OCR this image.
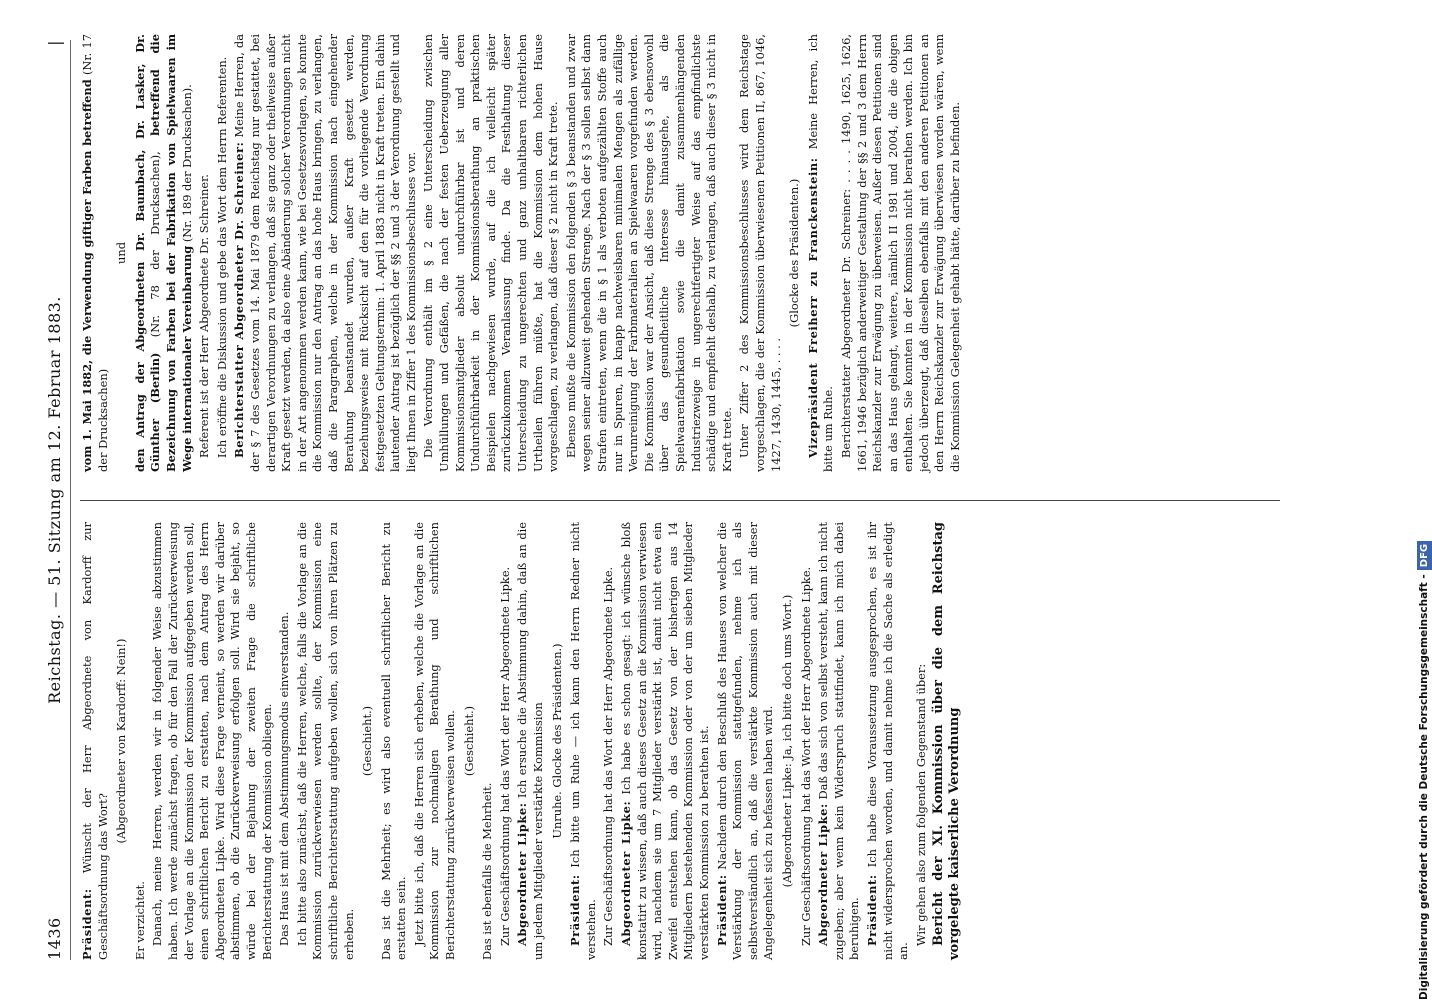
1436
Reichstag. — 51. Sitzung am 12. Februar 1883.
|

Präsident: Wünscht der Herr Abgeordnete von Kardorff zur Geschäftsordnung das Wort?

(Abgeordneter von Kardorff: Nein!)

Er verzichtet. Danach, meine Herren, werden wir in folgender Weise abzustimmen haben. Ich werde zunächst fragen, ob für den Fall der Zurückverweisung der Vorlage an die Kommission der Kommission aufgegeben werden soll, einen schriftlichen Bericht zu erstatten, nach dem Antrag des Herrn Abgeordneten Lipke. Wird diese Frage verneint, so werden wir darüber abstimmen, ob die Zurückverweisung erfolgen soll. Wird sie bejaht, so würde bei der Bejahung der zweiten Frage die schriftliche Berichterstattung der Kommission obliegen. Das Haus ist mit dem Abstimmungsmodus einverstanden. Ich bitte also zunächst, daß die Herren, welche, falls die Vorlage an die Kommission zurückverwiesen werden sollte, der Kommission eine schriftliche Berichterstattung aufgeben wollen, sich von ihren Plätzen zu erheben.

(Geschieht.) Das ist die Mehrheit; es wird also eventuell schriftlicher Bericht zu erstatten sein. Jetzt bitte ich, daß die Herren sich erheben, welche die Vorlage an die Kommission zur nochmaligen Berathung und schriftlichen Berichterstattung zurückverweisen wollen. (Geschieht.)

Das ist ebenfalls die Mehrheit. Zur Geschäftsordnung hat das Wort der Herr Abgeordnete Lipke. Abgeordneter Lipke: Ich ersuche die Abstimmung dahin, daß an die um jedem Mitglieder verstärkte Kommission Unruhe. Glocke des Präsidenten.)

Präsident: Ich bitte um Ruhe — ich kann den Herrn Redner nicht verstehen. Zur Geschäftsordnung hat das Wort der Herr Abgeordnete Lipke. Abgeordneter Lipke: Ich habe es schon gesagt: ich wünsche bloß konstatirt zu wissen, daß auch dieses Gesetz an die Kommission verwiesen wird, nachdem sie um 7 Mitglieder verstärkt ist, damit nicht etwa ein Zweifel entstehen kann, ob das Gesetz von der bisherigen aus 14 Mitgliedern bestehenden Kommission oder von der um sieben Mitglieder verstärkten Kommission zu berathen ist. Präsident: Nachdem durch den Beschluß des Hauses von welcher die Verstärkung der Kommission stattgefunden, nehme ich als selbstverständlich an, daß die verstärkte Kommission auch mit dieser Angelegenheit sich zu befassen haben wird. (Abgeordneter Lipke: Ja, ich bitte doch ums Wort.) Zur Geschäftsordnung hat das Wort der Herr Abgeordnete Lipke. Abgeordneter Lipke: Daß das sich von selbst versteht, kann ich nicht zugeben; aber wenn kein Widerspruch stattfindet, kann ich mich dabei beruhigen. Präsident: Ich habe diese Voraussetzung ausgesprochen, es ist ihr nicht widersprochen worden, und damit nehme ich die Sache als erledigt an.

Wir gehen also zum folgenden Gegenstand über: Bericht der XI. Kommission über die dem Reichstag vorgelegte kaiserliche Verordnung

vom 1. Mai 1882, die Verwendung giftiger Farben betreffend (Nr. 17 der Drucksachen)

und den Antrag der Abgeordneten Dr. Baumbach, Dr. Lasker, Dr. Günther (Berlin) (Nr. 78 der Drucksachen), betreffend die Bezeichnung von Farben bei der Fabrikation von Spielwaaren im Wege internationaler Vereinbarung (Nr. 189 der Drucksachen).

Referent ist der Herr Abgeordnete Dr. Schreiner. Ich eröffne die Diskussion und gebe das Wort dem Herrn Referenten. Berichterstatter Abgeordneter Dr. Schreiner: Meine Herren, da der § 7 des Gesetzes vom 14. Mai 1879 dem Reichstag nur gestattet, bei derartigen Verordnungen zu verlangen, daß sie ganz oder theilweise außer Kraft gesetzt werden, da also eine Abänderung solcher Verordnungen nicht in der Art angenommen werden kann, wie bei Gesetzesvorlagen, so konnte die Kommission nur den Antrag an das hohe Haus bringen, zu verlangen, daß die Paragraphen, welche in der Kommission nach eingehender Berathung beanstandet wurden, außer Kraft gesetzt werden, beziehungsweise mit Rücksicht auf den für die vorliegende Verordnung festgesetzten Geltungstermin: 1. April 1883 nicht in Kraft treten. Ein dahin lautender Antrag ist bezüglich der §§ 2 und 3 der Verordnung gestellt und liegt Ihnen in Ziffer 1 des Kommissionsbeschlusses vor. Die Verordnung enthält im § 2 eine Unterscheidung zwischen Umhüllungen und Gefäßen, die nach der festen Ueberzeugung aller Kommissionsmitglieder absolut undurchführbar ist und deren Undurchführbarkeit in der Kommissionsberathung an praktischen Beispielen nachgewiesen wurde, auf die ich vielleicht später zurückzukommen Veranlassung finde. Da die Festhaltung dieser Unterscheidung zu ungerechten und ganz unhaltbaren richterlichen Urtheilen führen müßte, hat die Kommission dem hohen Hause vorgeschlagen, zu verlangen, daß dieser § 2 nicht in Kraft trete. Ebenso mußte die Kommission den folgenden § 3 beanstanden und zwar wegen seiner allzuweit gehenden Strenge. Nach der § 3 sollen selbst dann Strafen eintreten, wenn die in § 1 als verboten aufgezählten Stoffe auch nur in Spuren, in knapp nachweisbaren minimalen Mengen als zufällige Verunreinigung der Farbmaterialien an Spielwaaren vorgefunden werden. Die Kommission war der Ansicht, daß diese Strenge des § 3 ebensowohl über das gesundheitliche Interesse hinausgehe, als die Spielwaarenfabrikation sowie die damit zusammenhängenden Industriezweige in ungerechtfertigter Weise auf das empfindlichste schädige und empfiehlt deshalb, zu verlangen, daß auch dieser § 3 nicht in Kraft trete. Unter Ziffer 2 des Kommissionsbeschlusses wird dem Reichstage vorgeschlagen, die der Kommission überwiesenen Petitionen II, 867, 1046, 1427, 1430, 1445, . . . .

(Glocke des Präsidenten.) Vizepräsident Freiherr zu Franckenstein: Meine Herren, ich bitte um Ruhe. Berichterstatter Abgeordneter Dr. Schreiner: . . . . 1490, 1625, 1626, 1661, 1946 bezüglich anderweitiger Gestaltung der §§ 2 und 3 dem Herrn Reichskanzler zur Erwägung zu überweisen. Außer diesen Petitionen sind an das Haus gelangt, weitere, nämlich II 1981 und 2004, die die obigen enthalten. Sie konnten in der Kommission nicht berathen werden. Ich bin jedoch überzeugt, daß dieselben ebenfalls mit den anderen Petitionen an den Herrn Reichskanzler zur Erwägung überwiesen worden wären, wenn die Kommission Gelegenheit gehabt hätte, darüber zu befinden.

Digitalisierung gefördert durch die Deutsche Forschungsgemeinschaft -DFG
